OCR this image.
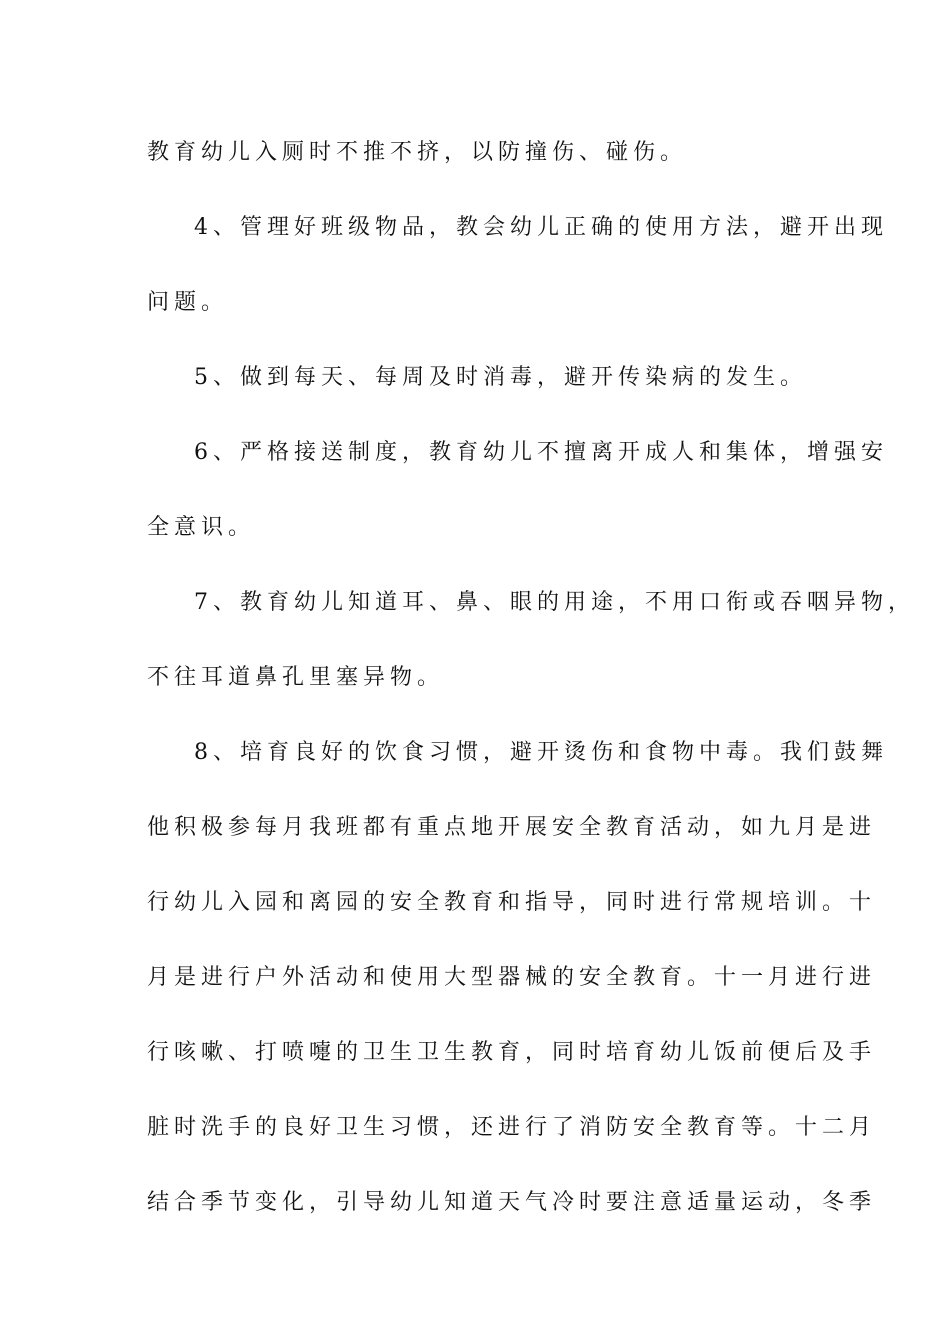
教育幼儿入厕时不推不挤，以防撞伤、碰伤。
4、管理好班级物品，教会幼儿正确的使用方法，避开出现
问题。
5、做到每天、每周及时消毒，避开传染病的发生。
6、严格接送制度，教育幼儿不擅离开成人和集体，增强安
全意识。
7、教育幼儿知道耳、鼻、眼的用途，不用口衔或吞咽异物，
不往耳道鼻孔里塞异物。
8、培育良好的饮食习惯，避开烫伤和食物中毒。我们鼓舞
他积极参每月我班都有重点地开展安全教育活动，如九月是进
行幼儿入园和离园的安全教育和指导，同时进行常规培训。十
月是进行户外活动和使用大型器械的安全教育。十一月进行进
行咳嗽、打喷嚏的卫生卫生教育，同时培育幼儿饭前便后及手
脏时洗手的良好卫生习惯，还进行了消防安全教育等。十二月
结合季节变化，引导幼儿知道天气冷时要注意适量运动，冬季
